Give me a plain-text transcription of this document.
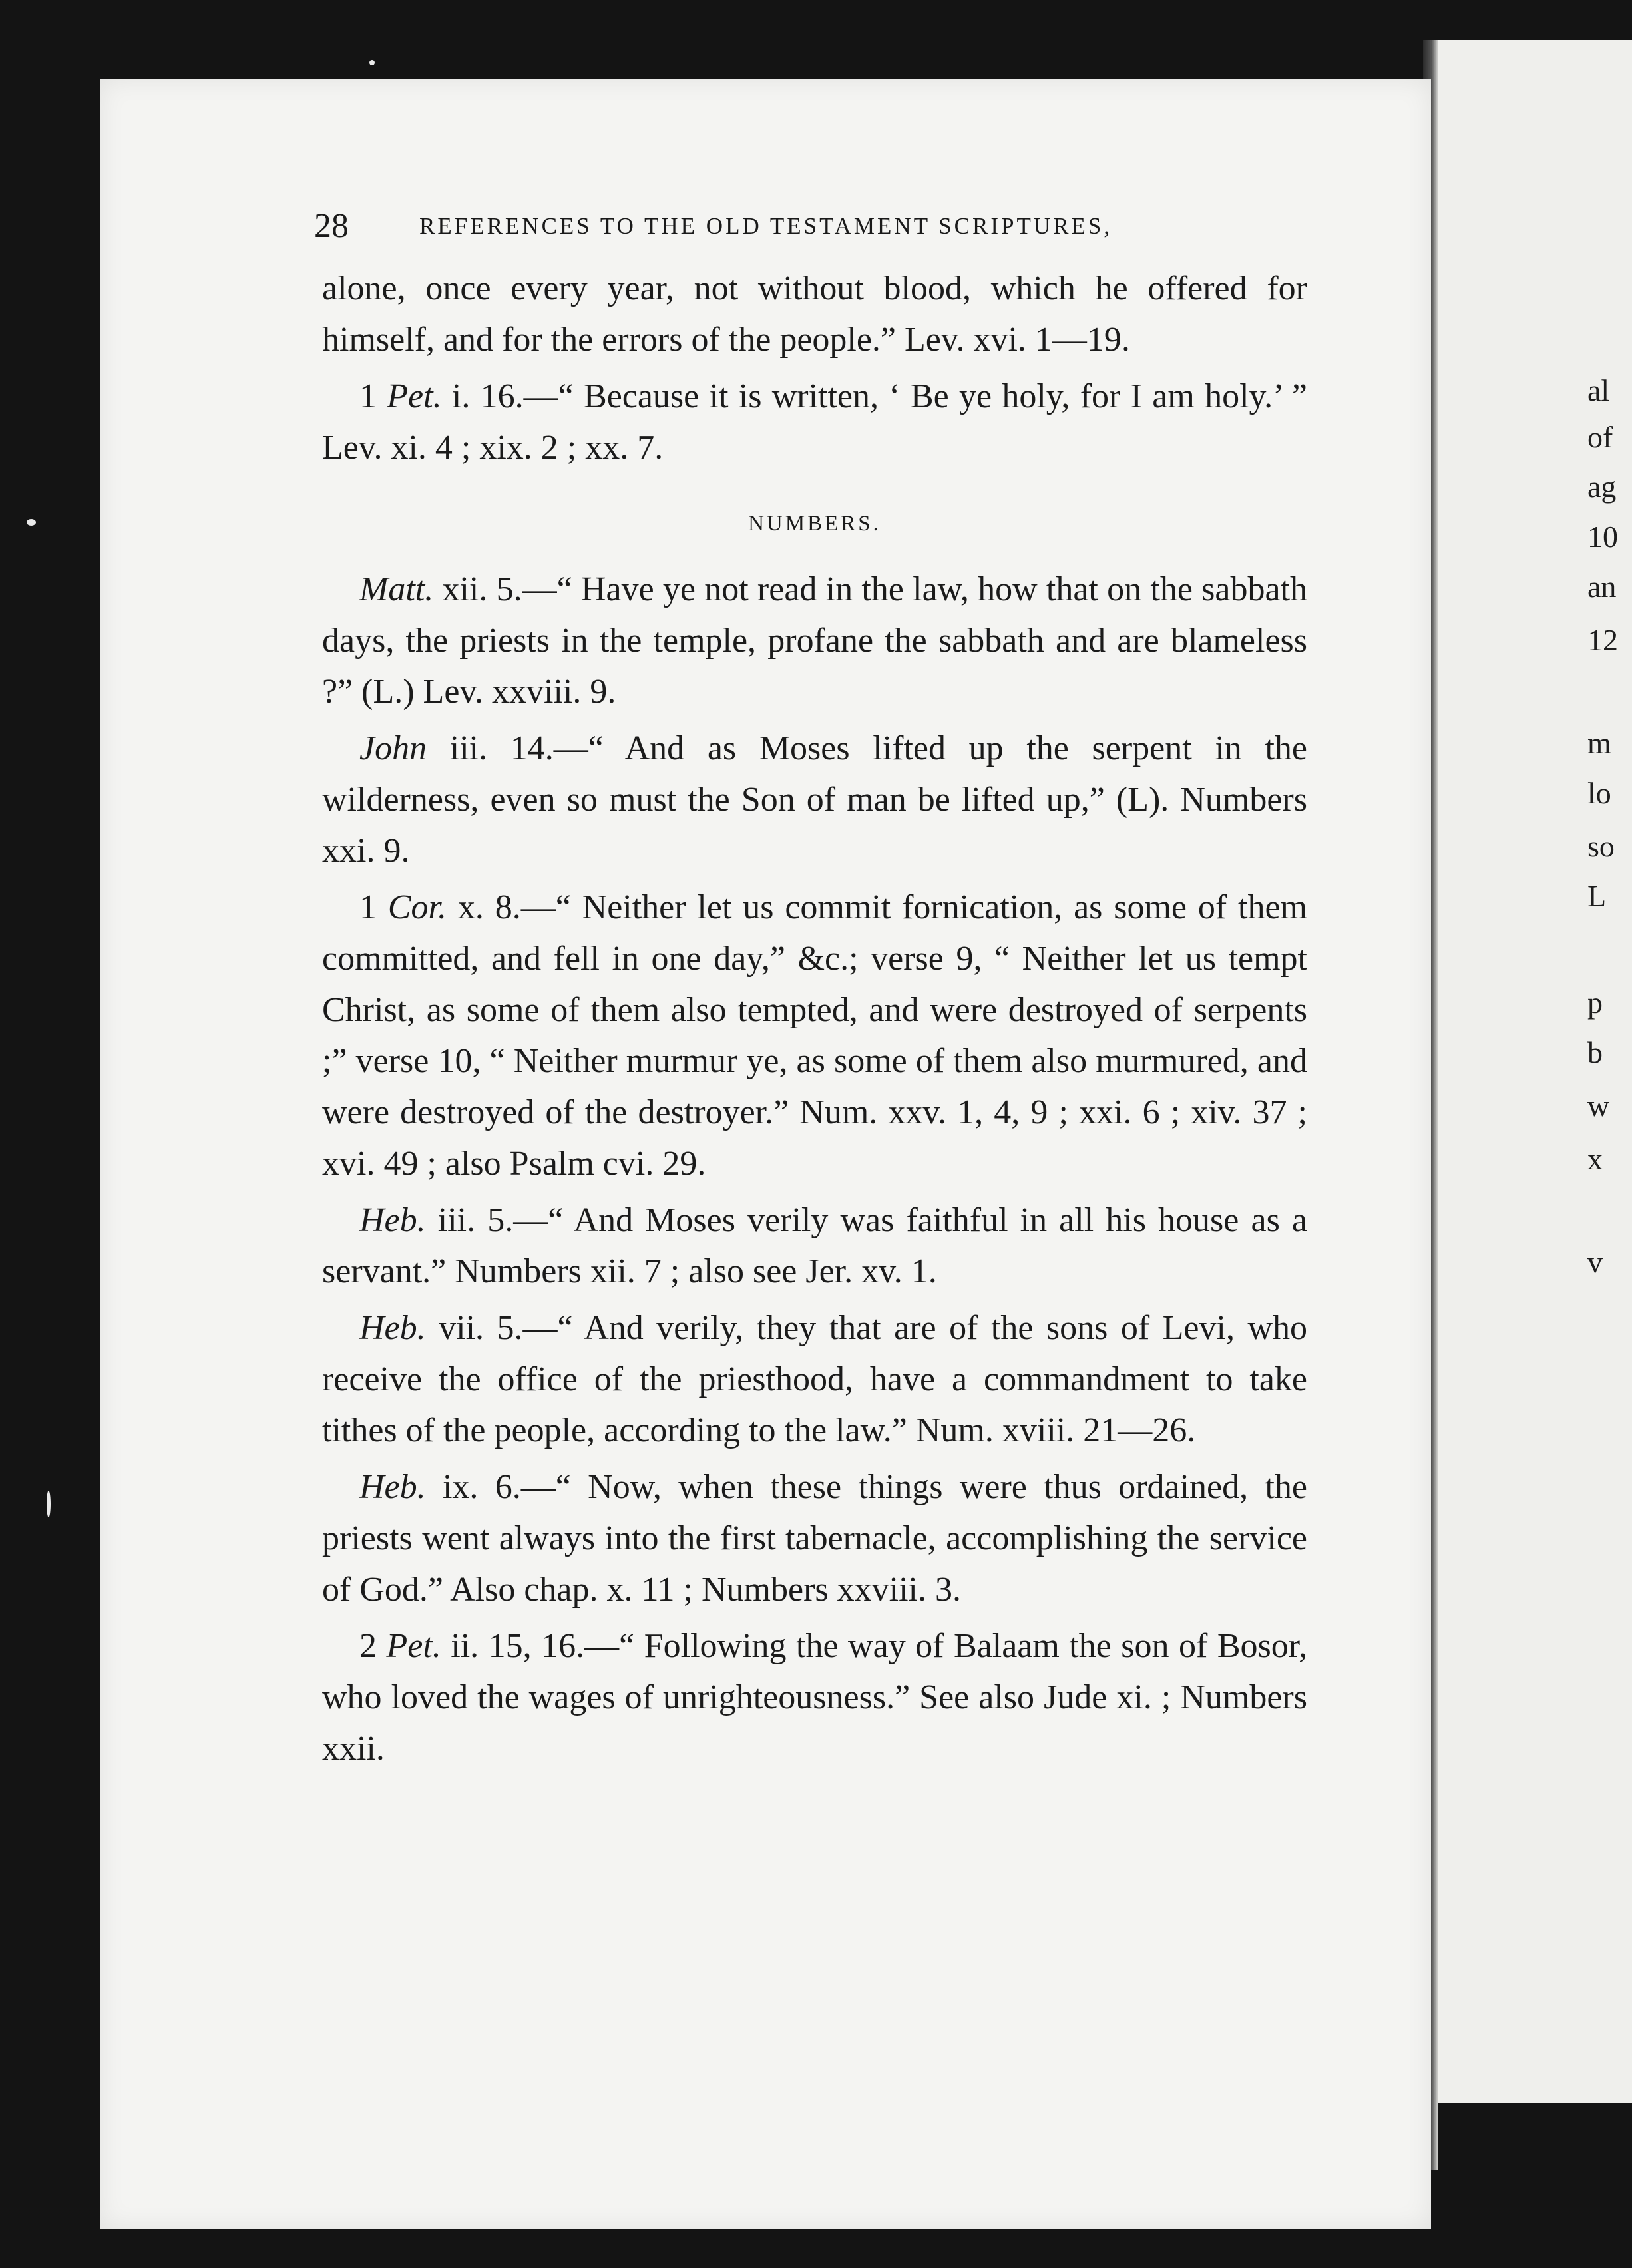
28	REFERENCES TO THE OLD TESTAMENT SCRIPTURES,

alone, once every year, not without blood, which he offered for himself, and for the errors of the people.” Lev. xvi. 1—19.

1 Pet. i. 16.—“ Because it is written, ‘ Be ye holy, for I am holy.’ ” Lev. xi. 4 ; xix. 2 ; xx. 7.

NUMBERS.

Matt. xii. 5.—“ Have ye not read in the law, how that on the sabbath days, the priests in the temple, profane the sabbath and are blameless ?” (L.) Lev. xxviii. 9.

John iii. 14.—“ And as Moses lifted up the serpent in the wilderness, even so must the Son of man be lifted up,” (L). Numbers xxi. 9.

1 Cor. x. 8.—“ Neither let us commit fornication, as some of them committed, and fell in one day,” &c.; verse 9, “ Neither let us tempt Christ, as some of them also tempted, and were destroyed of serpents ;” verse 10, “ Neither murmur ye, as some of them also murmured, and were destroyed of the destroyer.” Num. xxv. 1, 4, 9 ; xxi. 6 ; xiv. 37 ; xvi. 49 ; also Psalm cvi. 29.

Heb. iii. 5.—“ And Moses verily was faithful in all his house as a servant.” Numbers xii. 7 ; also see Jer. xv. 1.

Heb. vii. 5.—“ And verily, they that are of the sons of Levi, who receive the office of the priesthood, have a commandment to take tithes of the people, according to the law.” Num. xviii. 21—26.

Heb. ix. 6.—“ Now, when these things were thus ordained, the priests went always into the first tabernacle, accomplishing the service of God.” Also chap. x. 11 ; Numbers xxviii. 3.

2 Pet. ii. 15, 16.—“ Following the way of Balaam the son of Bosor, who loved the wages of unrighteousness.” See also Jude xi. ; Numbers xxii.

al
of
ag
10
an
12
m
lo
so
L
p
b
w
x
v
